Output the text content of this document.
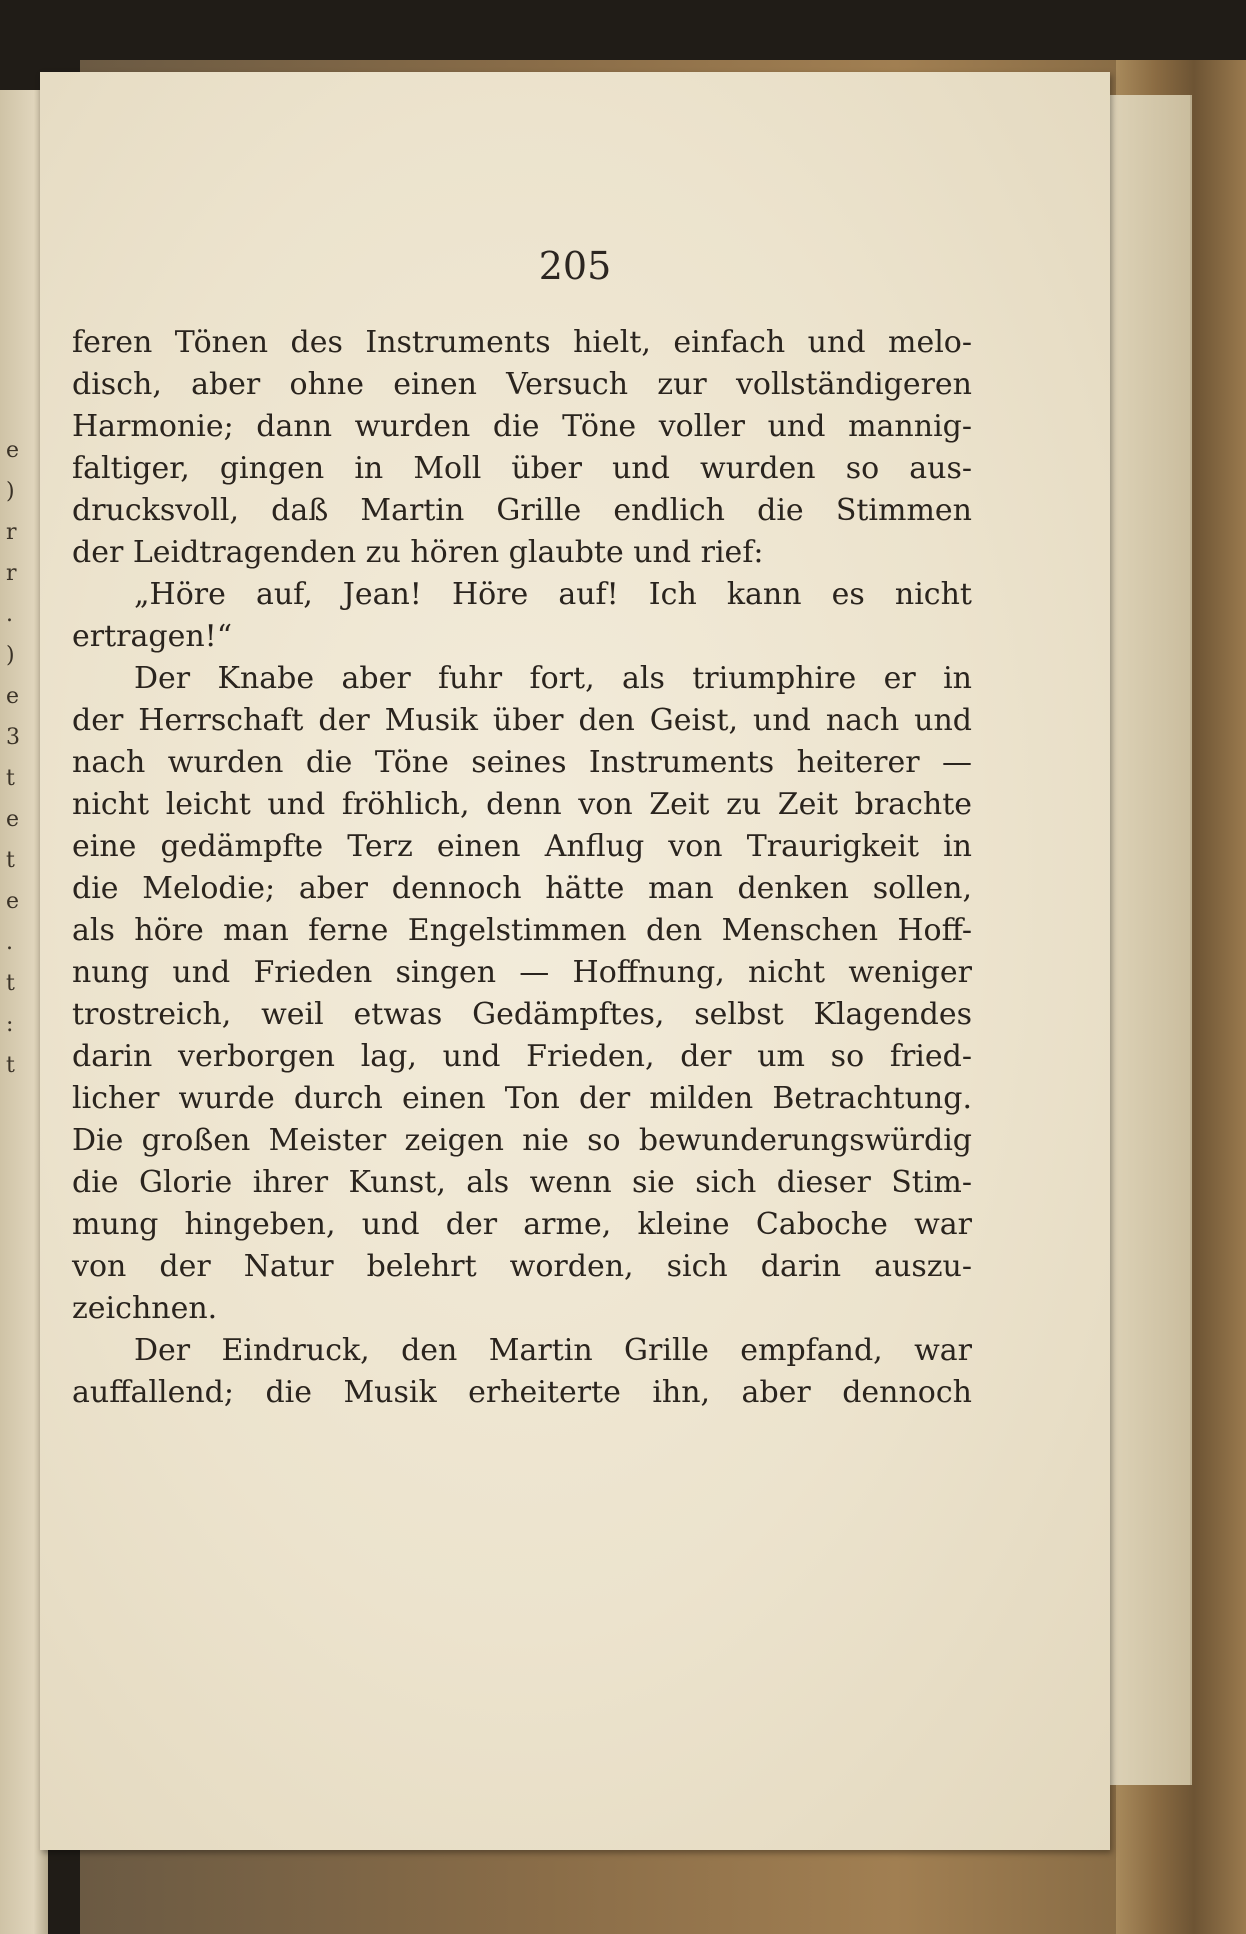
e
)
r
r
.
)
e
3
t
e
t
e
.
t
:
t
205
feren Tönen des Instruments hielt, einfach und melo-
disch, aber ohne einen Versuch zur vollständigeren
Harmonie; dann wurden die Töne voller und mannig-
faltiger, gingen in Moll über und wurden so aus-
drucksvoll, daß Martin Grille endlich die Stimmen
der Leidtragenden zu hören glaubte und rief:
„Höre auf, Jean! Höre auf! Ich kann es nicht
ertragen!“
Der Knabe aber fuhr fort, als triumphire er in
der Herrschaft der Musik über den Geist, und nach und
nach wurden die Töne seines Instruments heiterer —
nicht leicht und fröhlich, denn von Zeit zu Zeit brachte
eine gedämpfte Terz einen Anflug von Traurigkeit in
die Melodie; aber dennoch hätte man denken sollen,
als höre man ferne Engelstimmen den Menschen Hoff-
nung und Frieden singen — Hoffnung, nicht weniger
trostreich, weil etwas Gedämpftes, selbst Klagendes
darin verborgen lag, und Frieden, der um so fried-
licher wurde durch einen Ton der milden Betrachtung.
Die großen Meister zeigen nie so bewunderungswürdig
die Glorie ihrer Kunst, als wenn sie sich dieser Stim-
mung hingeben, und der arme, kleine Caboche war
von der Natur belehrt worden, sich darin auszu-
zeichnen.
Der Eindruck, den Martin Grille empfand, war
auffallend; die Musik erheiterte ihn, aber dennoch
